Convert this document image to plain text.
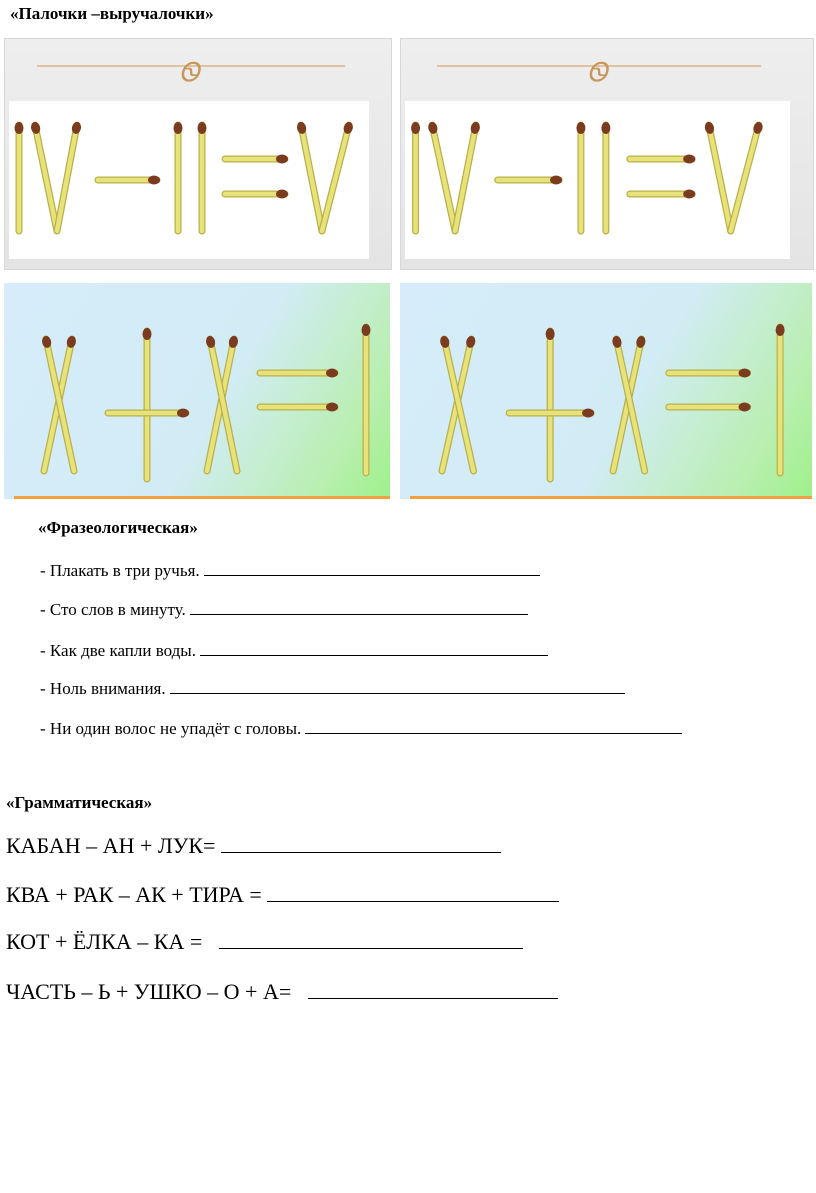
«Палочки –выручалочки»
Ꮻ	Ꮻ
«Фразеологическая»
- Плакать в три ручья.
- Сто слов в минуту.
- Как две капли воды.
- Ноль внимания.
- Ни один волос не упадёт с головы.
«Грамматическая»
КАБАН – АН + ЛУК=
КВА + РАК – АК + ТИРА =
КОТ + ЁЛКА – КА =
ЧАСТЬ – Ь + УШКО – О + А=
